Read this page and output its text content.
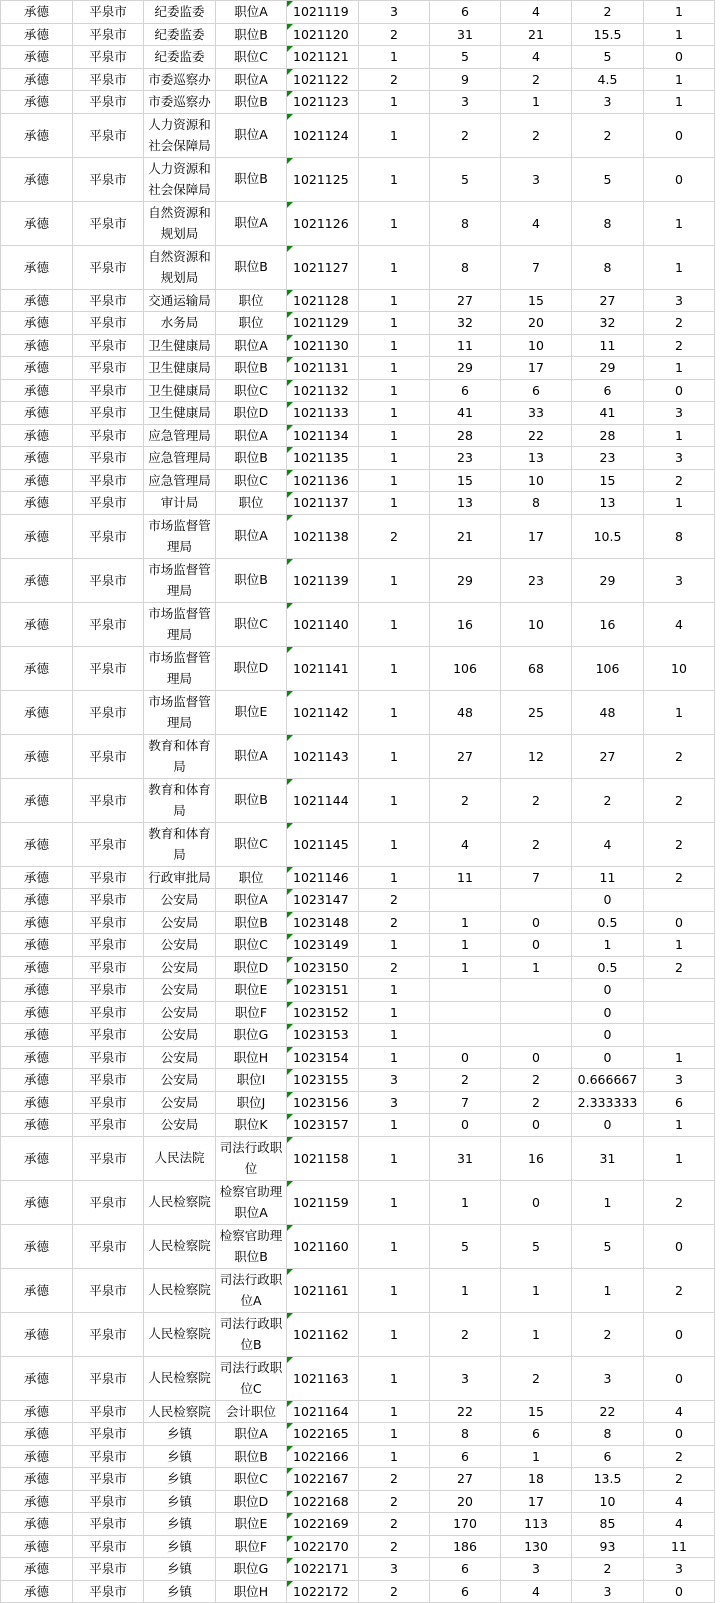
承德	平泉市	纪委监委	职位A	1021119	3	6	4	2	1
承德	平泉市	纪委监委	职位B	1021120	2	31	21	15.5	1
承德	平泉市	纪委监委	职位C	1021121	1	5	4	5	0
承德	平泉市	市委巡察办	职位A	1021122	2	9	2	4.5	1
承德	平泉市	市委巡察办	职位B	1021123	1	3	1	3	1
承德	平泉市	人力资源和社会保障局	职位A	1021124	1	2	2	2	0
承德	平泉市	人力资源和社会保障局	职位B	1021125	1	5	3	5	0
承德	平泉市	自然资源和规划局	职位A	1021126	1	8	4	8	1
承德	平泉市	自然资源和规划局	职位B	1021127	1	8	7	8	1
承德	平泉市	交通运输局	职位	1021128	1	27	15	27	3
承德	平泉市	水务局	职位	1021129	1	32	20	32	2
承德	平泉市	卫生健康局	职位A	1021130	1	11	10	11	2
承德	平泉市	卫生健康局	职位B	1021131	1	29	17	29	1
承德	平泉市	卫生健康局	职位C	1021132	1	6	6	6	0
承德	平泉市	卫生健康局	职位D	1021133	1	41	33	41	3
承德	平泉市	应急管理局	职位A	1021134	1	28	22	28	1
承德	平泉市	应急管理局	职位B	1021135	1	23	13	23	3
承德	平泉市	应急管理局	职位C	1021136	1	15	10	15	2
承德	平泉市	审计局	职位	1021137	1	13	8	13	1
承德	平泉市	市场监督管理局	职位A	1021138	2	21	17	10.5	8
承德	平泉市	市场监督管理局	职位B	1021139	1	29	23	29	3
承德	平泉市	市场监督管理局	职位C	1021140	1	16	10	16	4
承德	平泉市	市场监督管理局	职位D	1021141	1	106	68	106	10
承德	平泉市	市场监督管理局	职位E	1021142	1	48	25	48	1
承德	平泉市	教育和体育局	职位A	1021143	1	27	12	27	2
承德	平泉市	教育和体育局	职位B	1021144	1	2	2	2	2
承德	平泉市	教育和体育局	职位C	1021145	1	4	2	4	2
承德	平泉市	行政审批局	职位	1021146	1	11	7	11	2
承德	平泉市	公安局	职位A	1023147	2			0	
承德	平泉市	公安局	职位B	1023148	2	1	0	0.5	0
承德	平泉市	公安局	职位C	1023149	1	1	0	1	1
承德	平泉市	公安局	职位D	1023150	2	1	1	0.5	2
承德	平泉市	公安局	职位E	1023151	1			0	
承德	平泉市	公安局	职位F	1023152	1			0	
承德	平泉市	公安局	职位G	1023153	1			0	
承德	平泉市	公安局	职位H	1023154	1	0	0	0	1
承德	平泉市	公安局	职位I	1023155	3	2	2	0.666667	3
承德	平泉市	公安局	职位J	1023156	3	7	2	2.333333	6
承德	平泉市	公安局	职位K	1023157	1	0	0	0	1
承德	平泉市	人民法院	司法行政职位	1021158	1	31	16	31	1
承德	平泉市	人民检察院	检察官助理职位A	1021159	1	1	0	1	2
承德	平泉市	人民检察院	检察官助理职位B	1021160	1	5	5	5	0
承德	平泉市	人民检察院	司法行政职位A	1021161	1	1	1	1	2
承德	平泉市	人民检察院	司法行政职位B	1021162	1	2	1	2	0
承德	平泉市	人民检察院	司法行政职位C	1021163	1	3	2	3	0
承德	平泉市	人民检察院	会计职位	1021164	1	22	15	22	4
承德	平泉市	乡镇	职位A	1022165	1	8	6	8	0
承德	平泉市	乡镇	职位B	1022166	1	6	1	6	2
承德	平泉市	乡镇	职位C	1022167	2	27	18	13.5	2
承德	平泉市	乡镇	职位D	1022168	2	20	17	10	4
承德	平泉市	乡镇	职位E	1022169	2	170	113	85	4
承德	平泉市	乡镇	职位F	1022170	2	186	130	93	11
承德	平泉市	乡镇	职位G	1022171	3	6	3	2	3
承德	平泉市	乡镇	职位H	1022172	2	6	4	3	0
